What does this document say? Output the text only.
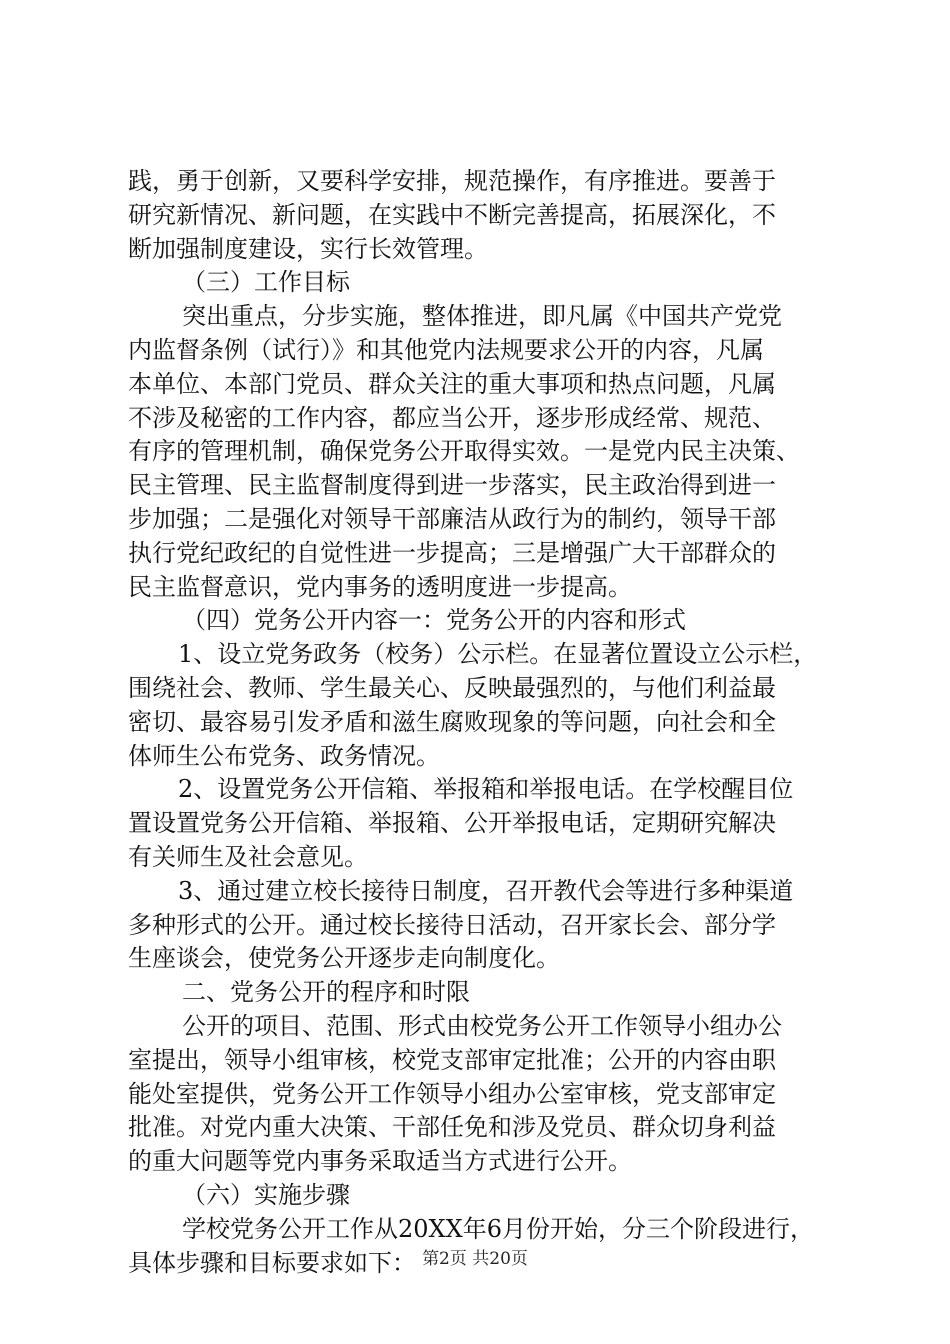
践，勇于创新，又要科学安排，规范操作，有序推进。要善于
研究新情况、新问题，在实践中不断完善提高，拓展深化，不
断加强制度建设，实行长效管理。
（三）工作目标
突出重点，分步实施，整体推进，即凡属《中国共产党党
内监督条例（试行）》和其他党内法规要求公开的内容，凡属
本单位、本部门党员、群众关注的重大事项和热点问题，凡属
不涉及秘密的工作内容，都应当公开，逐步形成经常、规范、
有序的管理机制，确保党务公开取得实效。一是党内民主决策、
民主管理、民主监督制度得到进一步落实，民主政治得到进一
步加强；二是强化对领导干部廉洁从政行为的制约，领导干部
执行党纪政纪的自觉性进一步提高；三是增强广大干部群众的
民主监督意识，党内事务的透明度进一步提高。
（四）党务公开内容一：党务公开的内容和形式
1、设立党务政务（校务）公示栏。在显著位置设立公示栏，
围绕社会、教师、学生最关心、反映最强烈的，与他们利益最
密切、最容易引发矛盾和滋生腐败现象的等问题，向社会和全
体师生公布党务、政务情况。
2、设置党务公开信箱、举报箱和举报电话。在学校醒目位
置设置党务公开信箱、举报箱、公开举报电话，定期研究解决
有关师生及社会意见。
3、通过建立校长接待日制度，召开教代会等进行多种渠道
多种形式的公开。通过校长接待日活动，召开家长会、部分学
生座谈会，使党务公开逐步走向制度化。
二、党务公开的程序和时限
公开的项目、范围、形式由校党务公开工作领导小组办公
室提出，领导小组审核，校党支部审定批准；公开的内容由职
能处室提供，党务公开工作领导小组办公室审核，党支部审定
批准。对党内重大决策、干部任免和涉及党员、群众切身利益
的重大问题等党内事务采取适当方式进行公开。
（六）实施步骤
学校党务公开工作从20XX年6月份开始，分三个阶段进行，
具体步骤和目标要求如下： 第2页 共20页
